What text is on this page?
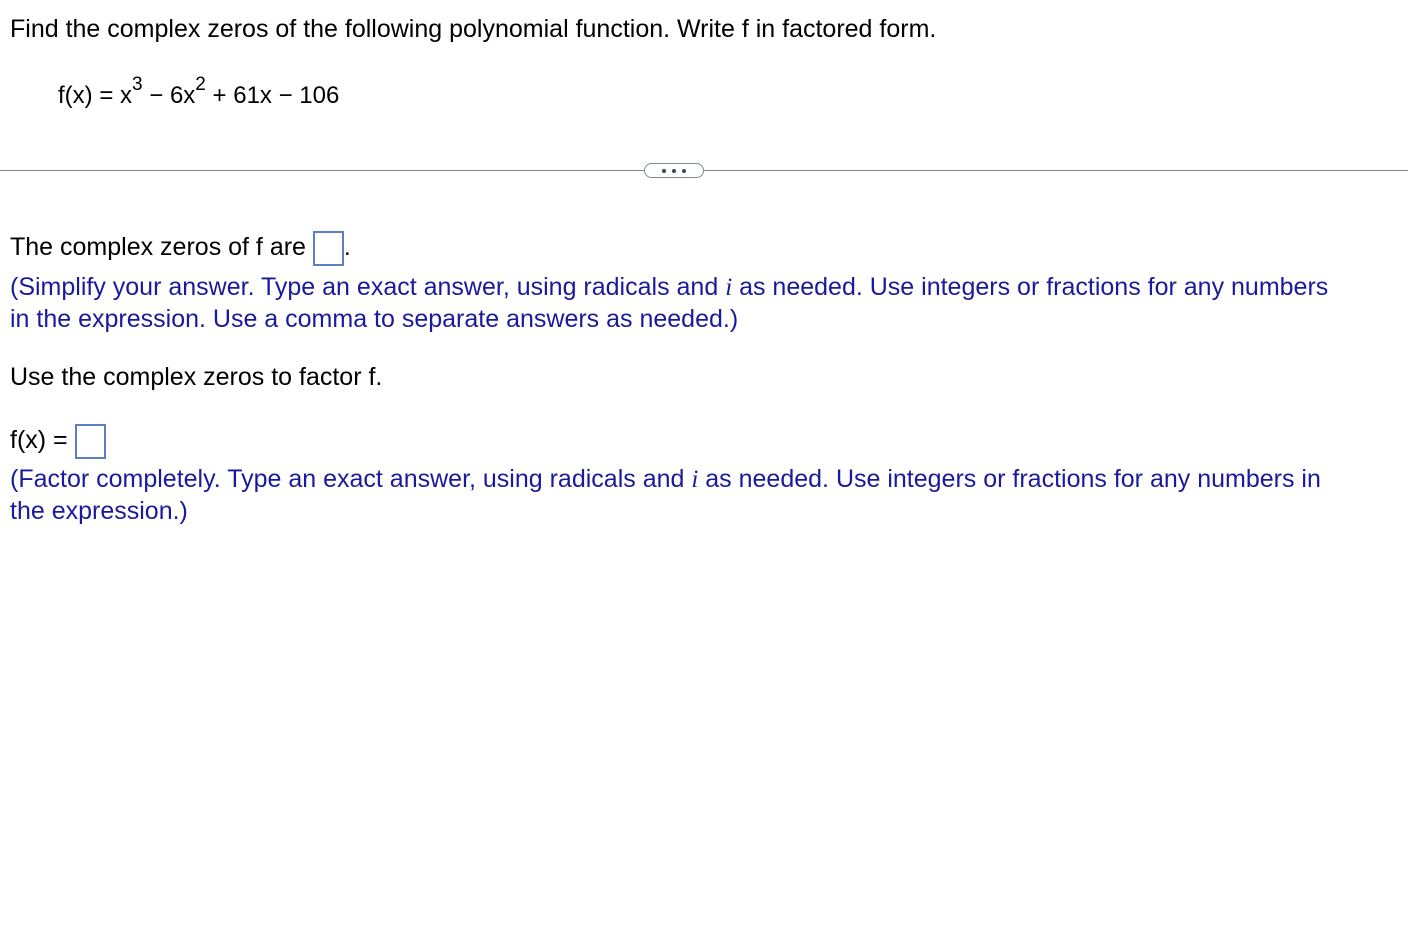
Find the complex zeros of the following polynomial function. Write f in factored form.
$f(x) = x^3 - 6x^2 + 61x - 106$
The complex zeros of f are .
(Simplify your answer. Type an exact answer, using radicals and i as needed. Use integers or fractions for any numbers
in the expression. Use a comma to separate answers as needed.)
Use the complex zeros to factor f.
f(x) =
(Factor completely. Type an exact answer, using radicals and i as needed. Use integers or fractions for any numbers in
the expression.)
